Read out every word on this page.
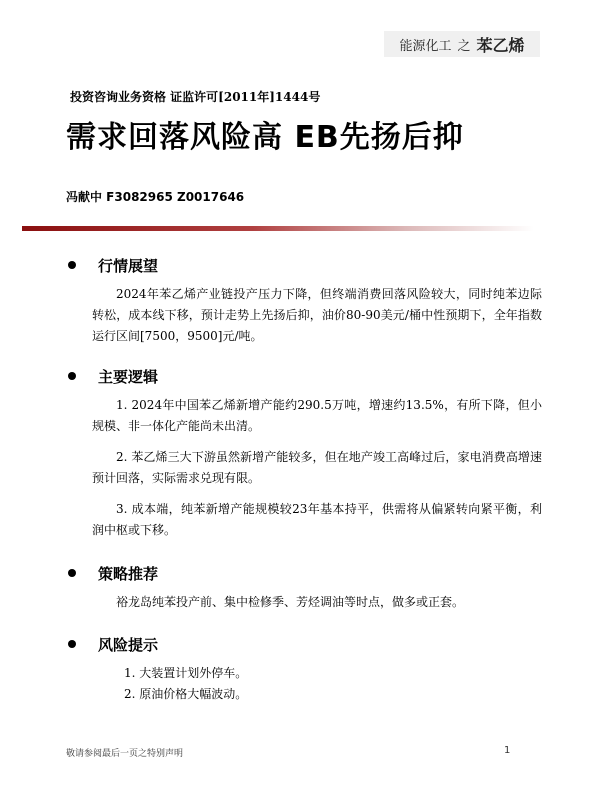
能源化工 之 苯乙烯
投资咨询业务资格 证监许可[2011年]1444号
需求回落风险高 EB先扬后抑
冯献中 F3082965 Z0017646
行情展望
2024年苯乙烯产业链投产压力下降，但终端消费回落风险较大，同时纯苯边际转松，成本线下移，预计走势上先扬后抑，油价80-90美元/桶中性预期下，全年指数运行区间[7500，9500]元/吨。
主要逻辑
1. 2024年中国苯乙烯新增产能约290.5万吨，增速约13.5%，有所下降，但小规模、非一体化产能尚未出清。
2. 苯乙烯三大下游虽然新增产能较多，但在地产竣工高峰过后，家电消费高增速预计回落，实际需求兑现有限。
3. 成本端，纯苯新增产能规模较23年基本持平，供需将从偏紧转向紧平衡，利润中枢或下移。
策略推荐
裕龙岛纯苯投产前、集中检修季、芳烃调油等时点，做多或正套。
风险提示
1. 大装置计划外停车。
2. 原油价格大幅波动。
敬请参阅最后一页之特别声明	1
